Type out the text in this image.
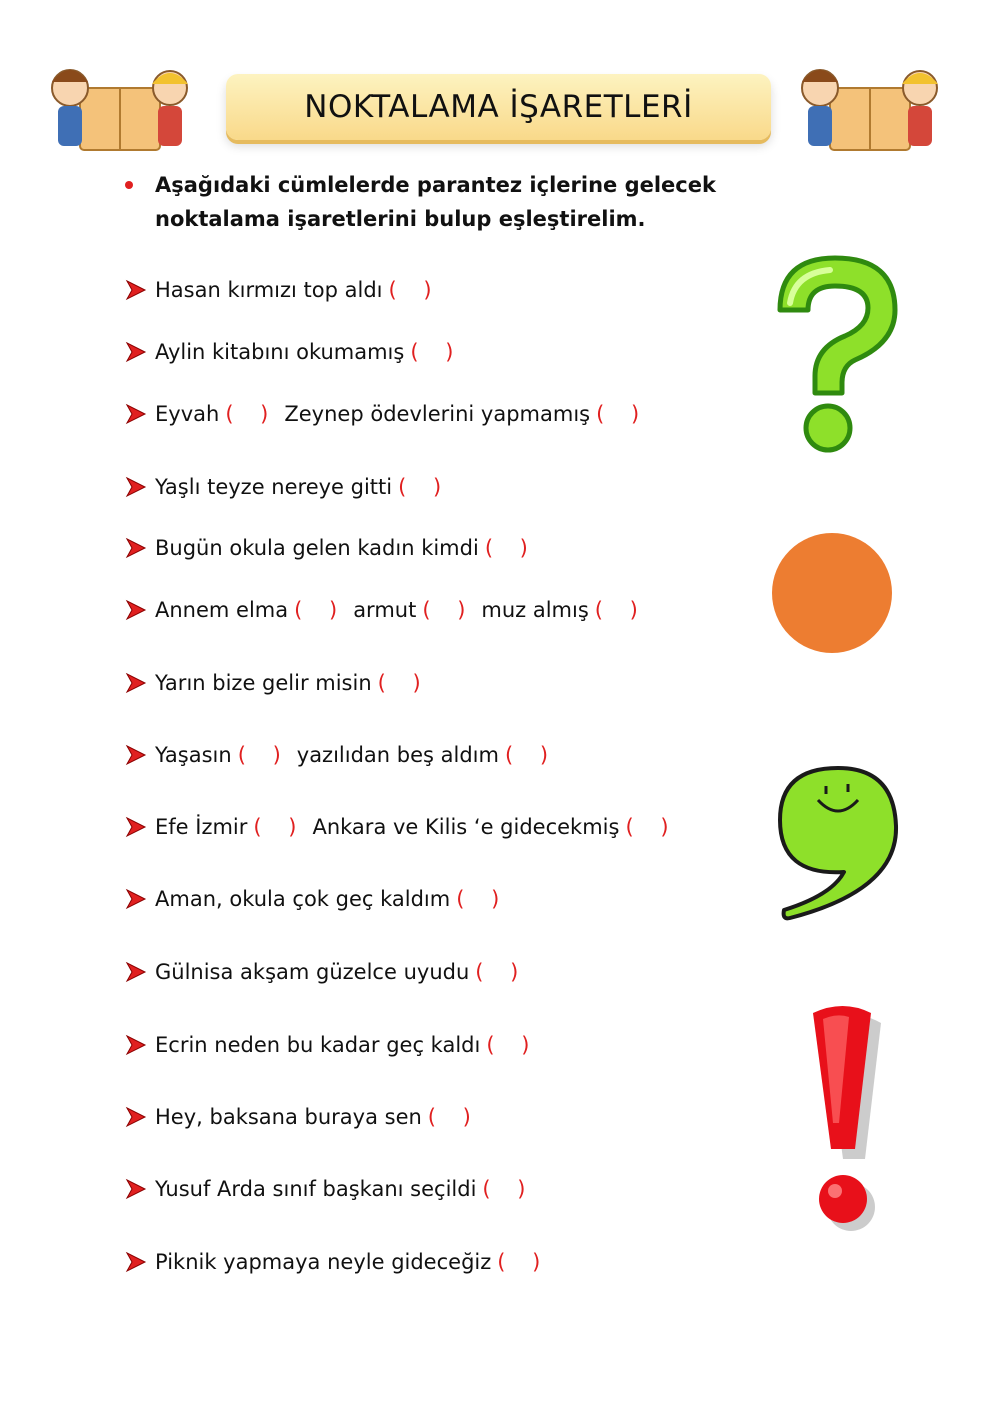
NOKTALAMA İŞARETLERİ
Aşağıdaki cümlelerde parantez içlerine gelecek noktalama işaretlerini bulup eşleştirelim.
Hasan kırmızı top aldı ( )
Aylin kitabını okumamış ( )
Eyvah ( ) Zeynep ödevlerini yapmamış ( )
Yaşlı teyze nereye gitti ( )
Bugün okula gelen kadın kimdi ( )
Annem elma ( ) armut ( ) muz almış ( )
Yarın bize gelir misin ( )
Yaşasın ( ) yazılıdan beş aldım ( )
Efe İzmir ( ) Ankara ve Kilis ‘e gidecekmiş ( )
Aman, okula çok geç kaldım ( )
Gülnisa akşam güzelce uyudu ( )
Ecrin neden bu kadar geç kaldı ( )
Hey, baksana buraya sen ( )
Yusuf Arda sınıf başkanı seçildi ( )
Piknik yapmaya neyle gideceğiz ( )
